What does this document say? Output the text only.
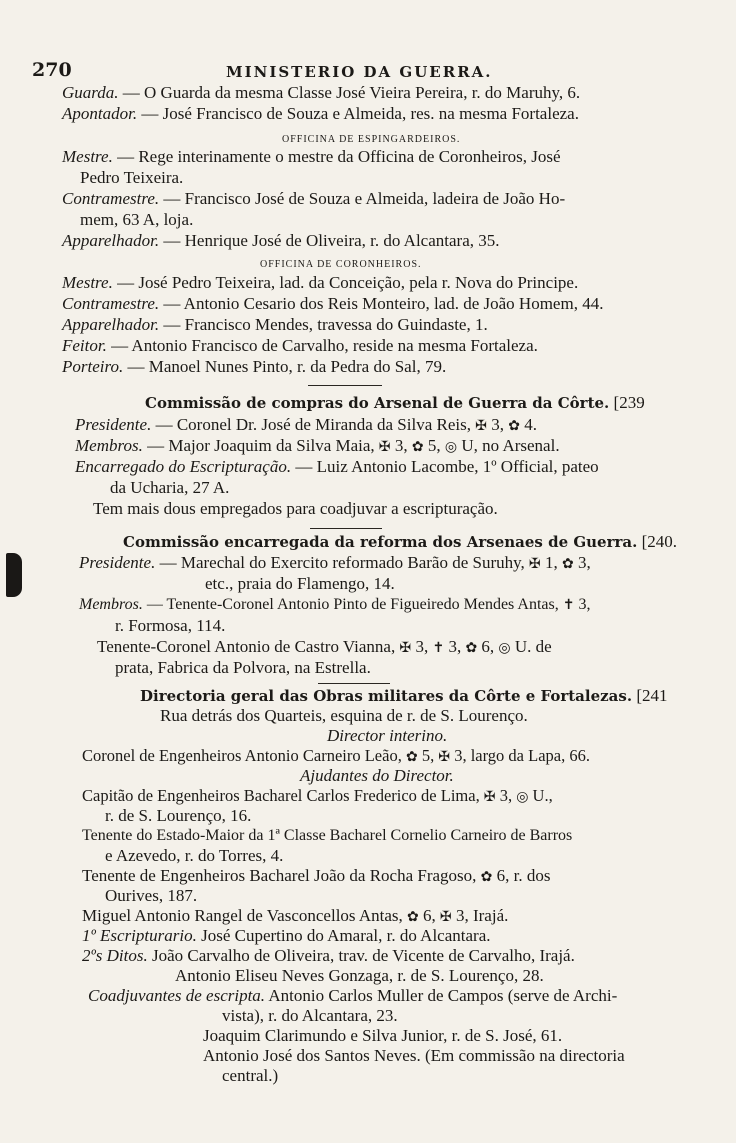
270	MINISTERIO DA GUERRA.
Guarda. — O Guarda da mesma Classe José Vieira Pereira, r. do Maruhy, 6.
Apontador. — José Francisco de Souza e Almeida, res. na mesma Fortaleza.
OFFICINA DE ESPINGARDEIROS.
Mestre. — Rege interinamente o mestre da Officina de Coronheiros, José
Pedro Teixeira.
Contramestre. — Francisco José de Souza e Almeida, ladeira de João Ho-
mem, 63 A, loja.
Apparelhador. — Henrique José de Oliveira, r. do Alcantara, 35.
OFFICINA DE CORONHEIROS.
Mestre. — José Pedro Teixeira, lad. da Conceição, pela r. Nova do Principe.
Contramestre. — Antonio Cesario dos Reis Monteiro, lad. de João Homem, 44.
Apparelhador. — Francisco Mendes, travessa do Guindaste, 1.
Feitor. — Antonio Francisco de Carvalho, reside na mesma Fortaleza.
Porteiro. — Manoel Nunes Pinto, r. da Pedra do Sal, 79.
Commissão de compras do Arsenal de Guerra da Côrte. [239
Presidente. — Coronel Dr. José de Miranda da Silva Reis, ✠ 3, ✿ 4.
Membros. — Major Joaquim da Silva Maia, ✠ 3, ✿ 5, ◎ U, no Arsenal.
Encarregado do Escripturação. — Luiz Antonio Lacombe, 1º Official, pateo
da Ucharia, 27 A.
Tem mais dous empregados para coadjuvar a escripturação.
Commissão encarregada da reforma dos Arsenaes de Guerra. [240.
Presidente. — Marechal do Exercito reformado Barão de Suruhy, ✠ 1, ✿ 3,
etc., praia do Flamengo, 14.
Membros. — Tenente-Coronel Antonio Pinto de Figueiredo Mendes Antas, ✝ 3,
r. Formosa, 114.
Tenente-Coronel Antonio de Castro Vianna, ✠ 3, ✝ 3, ✿ 6, ◎ U. de
prata, Fabrica da Polvora, na Estrella.
Directoria geral das Obras militares da Côrte e Fortalezas. [241
Rua detrás dos Quarteis, esquina de r. de S. Lourenço.
Director interino.
Coronel de Engenheiros Antonio Carneiro Leão, ✿ 5, ✠ 3, largo da Lapa, 66.
Ajudantes do Director.
Capitão de Engenheiros Bacharel Carlos Frederico de Lima, ✠ 3, ◎ U.,
r. de S. Lourenço, 16.
Tenente do Estado-Maior da 1ª Classe Bacharel Cornelio Carneiro de Barros
e Azevedo, r. do Torres, 4.
Tenente de Engenheiros Bacharel João da Rocha Fragoso, ✿ 6, r. dos
Ourives, 187.
Miguel Antonio Rangel de Vasconcellos Antas, ✿ 6, ✠ 3, Irajá.
1º Escripturario. José Cupertino do Amaral, r. do Alcantara.
2ºs Ditos. João Carvalho de Oliveira, trav. de Vicente de Carvalho, Irajá.
Antonio Eliseu Neves Gonzaga, r. de S. Lourenço, 28.
Coadjuvantes de escripta. Antonio Carlos Muller de Campos (serve de Archi-
vista), r. do Alcantara, 23.
Joaquim Clarimundo e Silva Junior, r. de S. José, 61.
Antonio José dos Santos Neves. (Em commissão na directoria
central.)
